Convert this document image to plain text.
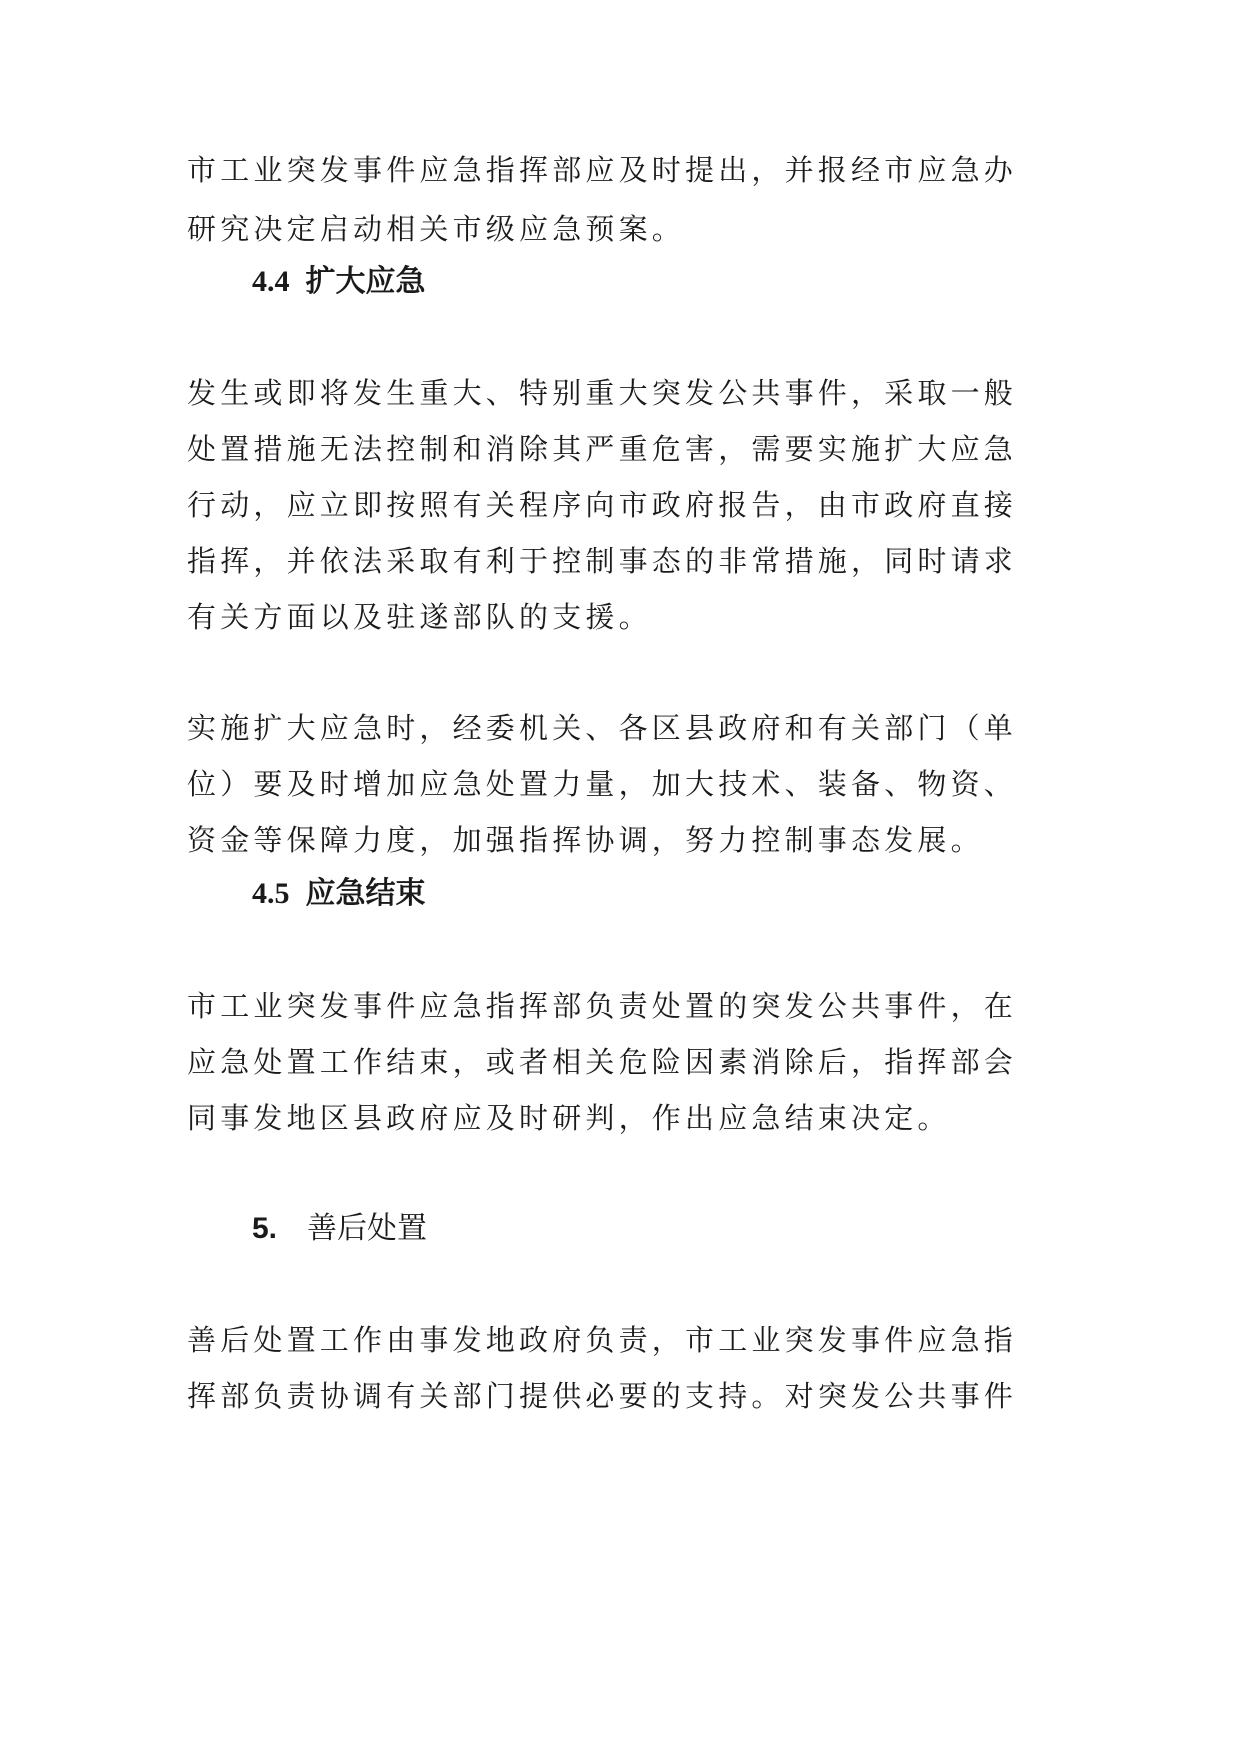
市工业突发事件应急指挥部应及时提出，并报经市应急办
研究决定启动相关市级应急预案。
4.4 扩大应急
发生或即将发生重大、特别重大突发公共事件，采取一般
处置措施无法控制和消除其严重危害，需要实施扩大应急
行动，应立即按照有关程序向市政府报告，由市政府直接
指挥，并依法采取有利于控制事态的非常措施，同时请求
有关方面以及驻遂部队的支援。
实施扩大应急时，经委机关、各区县政府和有关部门（单
位）要及时增加应急处置力量，加大技术、装备、物资、
资金等保障力度，加强指挥协调，努力控制事态发展。
4.5 应急结束
市工业突发事件应急指挥部负责处置的突发公共事件，在
应急处置工作结束，或者相关危险因素消除后，指挥部会
同事发地区县政府应及时研判，作出应急结束决定。
5. 善后处置
善后处置工作由事发地政府负责，市工业突发事件应急指
挥部负责协调有关部门提供必要的支持。对突发公共事件
